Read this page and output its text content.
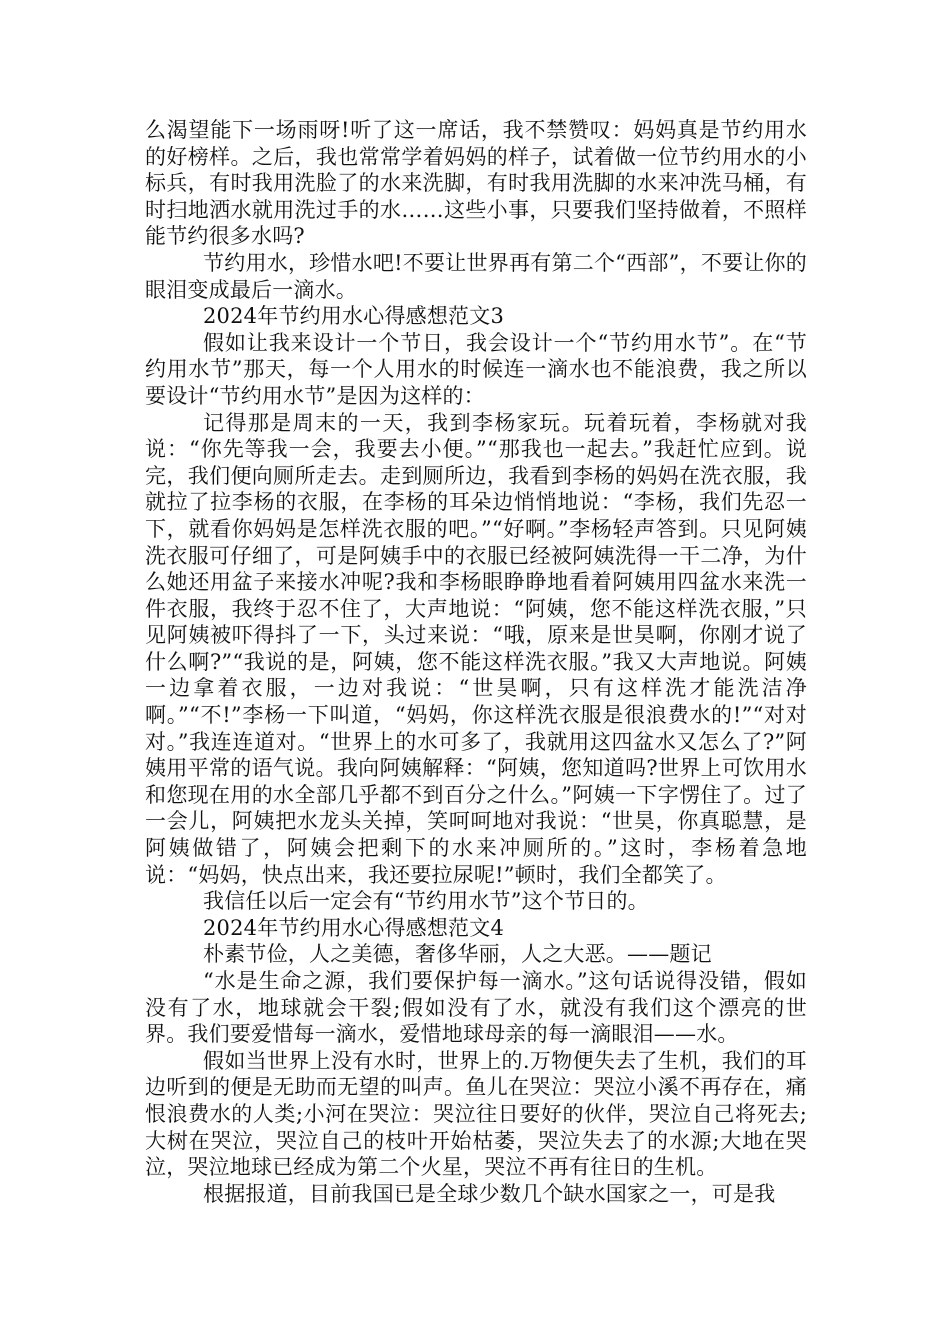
么渴望能下一场雨呀!听了这一席话，我不禁赞叹：妈妈真是节约用水的好榜样。之后，我也常常学着妈妈的样子，试着做一位节约用水的小标兵，有时我用洗脸了的水来洗脚，有时我用洗脚的水来冲洗马桶，有时扫地洒水就用洗过手的水……这些小事，只要我们坚持做着，不照样能节约很多水吗?

节约用水，珍惜水吧!不要让世界再有第二个“西部”，不要让你的眼泪变成最后一滴水。

2024年节约用水心得感想范文3

假如让我来设计一个节日，我会设计一个“节约用水节”。在“节约用水节”那天，每一个人用水的时候连一滴水也不能浪费，我之所以要设计“节约用水节”是因为这样的：

记得那是周末的一天，我到李杨家玩。玩着玩着，李杨就对我说：“你先等我一会，我要去小便。”“那我也一起去。”我赶忙应到。说完，我们便向厕所走去。走到厕所边，我看到李杨的妈妈在洗衣服，我就拉了拉李杨的衣服，在李杨的耳朵边悄悄地说：“李杨，我们先忍一下，就看你妈妈是怎样洗衣服的吧。”“好啊。”李杨轻声答到。只见阿姨洗衣服可仔细了，可是阿姨手中的衣服已经被阿姨洗得一干二净，为什么她还用盆子来接水冲呢?我和李杨眼睁睁地看着阿姨用四盆水来洗一件衣服，我终于忍不住了，大声地说：“阿姨，您不能这样洗衣服，”只见阿姨被吓得抖了一下，头过来说：“哦，原来是世昊啊，你刚才说了什么啊?”“我说的是，阿姨，您不能这样洗衣服。”我又大声地说。阿姨一边拿着衣服，一边对我说：“世昊啊，只有这样洗才能洗洁净啊。”“不!”李杨一下叫道，“妈妈，你这样洗衣服是很浪费水的!”“对对对。”我连连道对。“世界上的水可多了，我就用这四盆水又怎么了?”阿姨用平常的语气说。我向阿姨解释：“阿姨，您知道吗?世界上可饮用水和您现在用的水全部几乎都不到百分之什么。”阿姨一下字愣住了。过了一会儿，阿姨把水龙头关掉，笑呵呵地对我说：“世昊，你真聪慧，是阿姨做错了，阿姨会把剩下的水来冲厕所的。”这时，李杨着急地说：“妈妈，快点出来，我还要拉尿呢!”顿时，我们全都笑了。

我信任以后一定会有“节约用水节”这个节日的。

2024年节约用水心得感想范文4

朴素节俭，人之美德，奢侈华丽，人之大恶。——题记

“水是生命之源，我们要保护每一滴水。”这句话说得没错，假如没有了水，地球就会干裂;假如没有了水，就没有我们这个漂亮的世界。我们要爱惜每一滴水，爱惜地球母亲的每一滴眼泪——水。

假如当世界上没有水时，世界上的.万物便失去了生机，我们的耳边听到的便是无助而无望的叫声。鱼儿在哭泣：哭泣小溪不再存在，痛恨浪费水的人类;小河在哭泣：哭泣往日要好的伙伴，哭泣自己将死去;大树在哭泣，哭泣自己的枝叶开始枯萎，哭泣失去了的水源;大地在哭泣，哭泣地球已经成为第二个火星，哭泣不再有往日的生机。

根据报道，目前我国已是全球少数几个缺水国家之一，可是我
